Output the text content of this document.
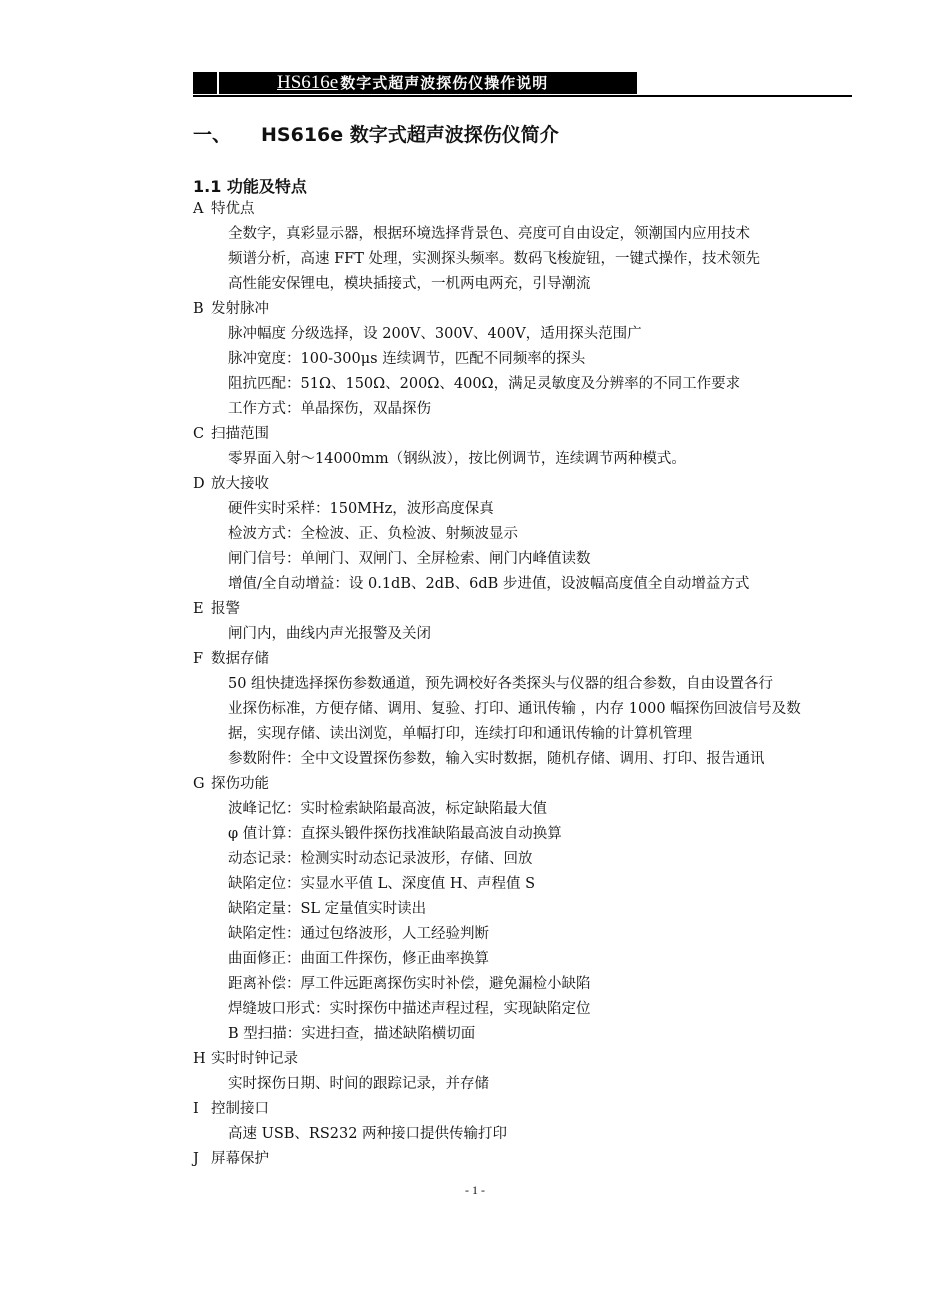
HS616e 数字式超声波探伤仪操作说明
一、 HS616e 数字式超声波探伤仪简介
1.1 功能及特点
A 特优点
全数字，真彩显示器，根据环境选择背景色、亮度可自由设定，领潮国内应用技术
频谱分析，高速 FFT 处理，实测探头频率。数码飞梭旋钮，一键式操作，技术领先
高性能安保锂电，模块插接式，一机两电两充，引导潮流
B 发射脉冲
脉冲幅度 分级选择，设 200V、300V、400V，适用探头范围广
脉冲宽度：100-300μs 连续调节，匹配不同频率的探头
阻抗匹配：51Ω、150Ω、200Ω、400Ω，满足灵敏度及分辨率的不同工作要求
工作方式：单晶探伤，双晶探伤
C 扫描范围
零界面入射～14000mm（钢纵波），按比例调节，连续调节两种模式。
D 放大接收
硬件实时采样：150MHz，波形高度保真
检波方式：全检波、正、负检波、射频波显示
闸门信号：单闸门、双闸门、全屏检索、闸门内峰值读数
增值/全自动增益：设 0.1dB、2dB、6dB 步进值，设波幅高度值全自动增益方式
E 报警
闸门内，曲线内声光报警及关闭
F 数据存储
50 组快捷选择探伤参数通道，预先调校好各类探头与仪器的组合参数，自由设置各行
业探伤标准，方便存储、调用、复验、打印、通讯传输 ，内存 1000 幅探伤回波信号及数
据，实现存储、读出浏览，单幅打印，连续打印和通讯传输的计算机管理
参数附件：全中文设置探伤参数，输入实时数据，随机存储、调用、打印、报告通讯
G 探伤功能
波峰记忆：实时检索缺陷最高波，标定缺陷最大值
φ 值计算：直探头锻件探伤找准缺陷最高波自动换算
动态记录：检测实时动态记录波形，存储、回放
缺陷定位：实显水平值 L、深度值 H、声程值 S
缺陷定量：SL 定量值实时读出
缺陷定性：通过包络波形，人工经验判断
曲面修正：曲面工件探伤，修正曲率换算
距离补偿：厚工件远距离探伤实时补偿，避免漏检小缺陷
焊缝坡口形式：实时探伤中描述声程过程，实现缺陷定位
B 型扫描：实进扫查，描述缺陷横切面
H 实时时钟记录
实时探伤日期、时间的跟踪记录，并存储
I 控制接口
高速 USB、RS232 两种接口提供传输打印
J 屏幕保护
- 1 -
